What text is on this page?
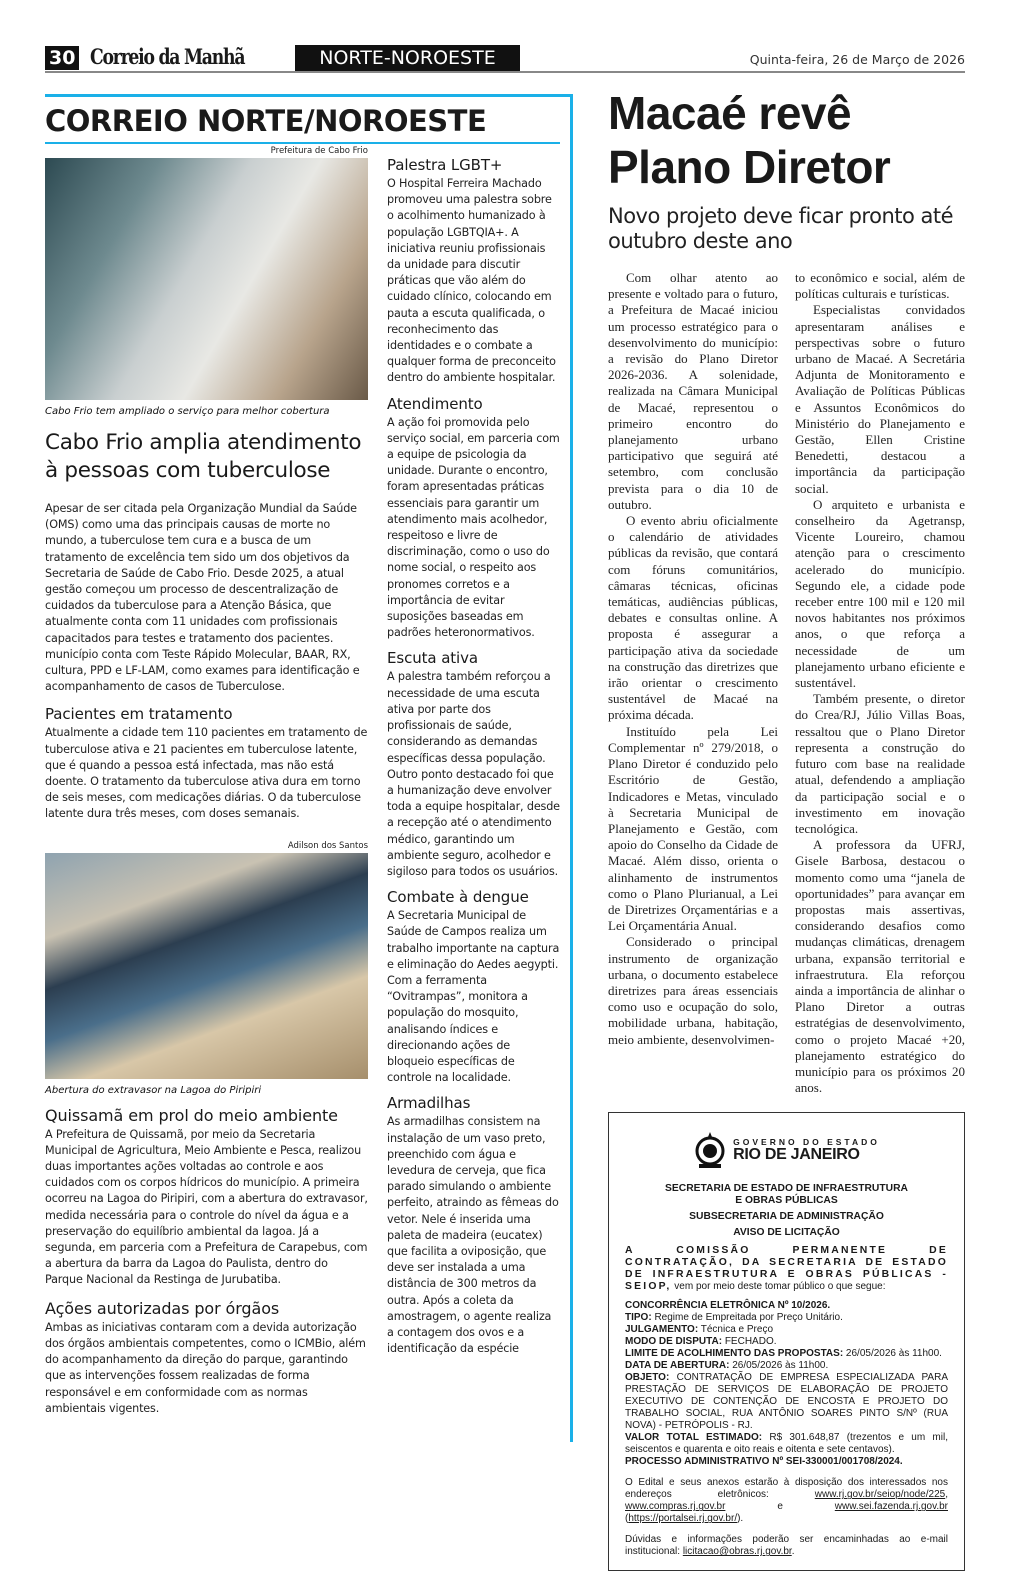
30 Correio da Manhã	NORTE-NOROESTE	Quinta-feira, 26 de Março de 2026
CORREIO NORTE/NOROESTE
Prefeitura de Cabo Frio
Cabo Frio tem ampliado o serviço para melhor cobertura
Cabo Frio amplia atendimento à pessoas com tuberculose

Apesar de ser citada pela Organização Mundial da Saúde (OMS) como uma das principais causas de morte no mundo, a tuberculose tem cura e a busca de um tratamento de excelência tem sido um dos objetivos da Secretaria de Saúde de Cabo Frio. Desde 2025, a atual gestão começou um processo de descentralização de cuidados da tuberculose para a Atenção Básica, que atualmente conta com 11 unidades com profissionais capacitados para testes e tratamento dos pacientes. município conta com Teste Rápido Molecular, BAAR, RX, cultura, PPD e LF-LAM, como exames para identificação e acompanhamento de casos de Tuberculose.

Pacientes em tratamento

Atualmente a cidade tem 110 pacientes em tratamento de tuberculose ativa e 21 pacientes em tuberculose latente, que é quando a pessoa está infectada, mas não está doente. O tratamento da tuberculose ativa dura em torno de seis meses, com medicações diárias. O da tuberculose latente dura três meses, com doses semanais.

Adilson dos Santos
Abertura do extravasor na Lagoa do Piripiri
Quissamã em prol do meio ambiente

A Prefeitura de Quissamã, por meio da Secretaria Municipal de Agricultura, Meio Ambiente e Pesca, realizou duas importantes ações voltadas ao controle e aos cuidados com os corpos hídricos do município. A primeira ocorreu na Lagoa do Piripiri, com a abertura do extravasor, medida necessária para o controle do nível da água e a preservação do equilíbrio ambiental da lagoa. Já a segunda, em parceria com a Prefeitura de Carapebus, com a abertura da barra da Lagoa do Paulista, dentro do Parque Nacional da Restinga de Jurubatiba.

Ações autorizadas por órgãos

Ambas as iniciativas contaram com a devida autorização dos órgãos ambientais competentes, como o ICMBio, além do acompanhamento da direção do parque, garantindo que as intervenções fossem realizadas de forma responsável e em conformidade com as normas ambientais vigentes.

Palestra LGBT+

O Hospital Ferreira Machado promoveu uma palestra sobre o acolhimento humanizado à população LGBTQIA+. A iniciativa reuniu profissionais da unidade para discutir práticas que vão além do cuidado clínico, colocando em pauta a escuta qualificada, o reconhecimento das identidades e o combate a qualquer forma de preconceito dentro do ambiente hospitalar.

Atendimento

A ação foi promovida pelo serviço social, em parceria com a equipe de psicologia da unidade. Durante o encontro, foram apresentadas práticas essenciais para garantir um atendimento mais acolhedor, respeitoso e livre de discriminação, como o uso do nome social, o respeito aos pronomes corretos e a importância de evitar suposições baseadas em padrões heteronormativos.

Escuta ativa

A palestra também reforçou a necessidade de uma escuta ativa por parte dos profissionais de saúde, considerando as demandas específicas dessa população. Outro ponto destacado foi que a humanização deve envolver toda a equipe hospitalar, desde a recepção até o atendimento médico, garantindo um ambiente seguro, acolhedor e sigiloso para todos os usuários.

Combate à dengue

A Secretaria Municipal de Saúde de Campos realiza um trabalho importante na captura e eliminação do Aedes aegypti. Com a ferramenta “Ovitrampas”, monitora a população do mosquito, analisando índices e direcionando ações de bloqueio específicas de controle na localidade.

Armadilhas

As armadilhas consistem na instalação de um vaso preto, preenchido com água e levedura de cerveja, que fica parado simulando o ambiente perfeito, atraindo as fêmeas do vetor. Nele é inserida uma paleta de madeira (eucatex) que facilita a oviposição, que deve ser instalada a uma distância de 300 metros da outra. Após a coleta da amostragem, o agente realiza a contagem dos ovos e a identificação da espécie

Macaé revê Plano Diretor
Novo projeto deve ficar pronto até outubro deste ano

Com olhar atento ao presente e voltado para o futuro, a Prefeitura de Macaé iniciou um processo estratégico para o desenvolvimento do município: a revisão do Plano Diretor 2026-2036. A solenidade, realizada na Câmara Municipal de Macaé, representou o primeiro encontro do planejamento urbano participativo que seguirá até setembro, com conclusão prevista para o dia 10 de outubro.

O evento abriu oficialmente o calendário de atividades públicas da revisão, que contará com fóruns comunitários, câmaras técnicas, oficinas temáticas, audiências públicas, debates e consultas online. A proposta é assegurar a participação ativa da sociedade na construção das diretrizes que irão orientar o crescimento sustentável de Macaé na próxima década.

Instituído pela Lei Complementar nº 279/2018, o Plano Diretor é conduzido pelo Escritório de Gestão, Indicadores e Metas, vinculado à Secretaria Municipal de Planejamento e Gestão, com apoio do Conselho da Cidade de Macaé. Além disso, orienta o alinhamento de instrumentos como o Plano Plurianual, a Lei de Diretrizes Orçamentárias e a Lei Orçamentária Anual.

Considerado o principal instrumento de organização urbana, o documento estabelece diretrizes para áreas essenciais como uso e ocupação do solo, mobilidade urbana, habitação, meio ambiente, desenvolvimen-

to econômico e social, além de políticas culturais e turísticas.

Especialistas convidados apresentaram análises e perspectivas sobre o futuro urbano de Macaé. A Secretária Adjunta de Monitoramento e Avaliação de Políticas Públicas e Assuntos Econômicos do Ministério do Planejamento e Gestão, Ellen Cristine Benedetti, destacou a importância da participação social.

O arquiteto e urbanista e conselheiro da Agetransp, Vicente Loureiro, chamou atenção para o crescimento acelerado do município. Segundo ele, a cidade pode receber entre 100 mil e 120 mil novos habitantes nos próximos anos, o que reforça a necessidade de um planejamento urbano eficiente e sustentável.

Também presente, o diretor do Crea/RJ, Júlio Villas Boas, ressaltou que o Plano Diretor representa a construção do futuro com base na realidade atual, defendendo a ampliação da participação social e o investimento em inovação tecnológica.

A professora da UFRJ, Gisele Barbosa, destacou o momento como uma “janela de oportunidades” para avançar em propostas mais assertivas, considerando desafios como mudanças climáticas, drenagem urbana, expansão territorial e infraestrutura. Ela reforçou ainda a importância de alinhar o Plano Diretor a outras estratégias de desenvolvimento, como o projeto Macaé +20, planejamento estratégico do município para os próximos 20 anos.

GOVERNO DO ESTADO
RIO DE JANEIRO
SECRETARIA DE ESTADO DE INFRAESTRUTURA E OBRAS PÚBLICAS
SUBSECRETARIA DE ADMINISTRAÇÃO
AVISO DE LICITAÇÃO

A COMISSÃO PERMANENTE DE CONTRATAÇÃO, DA SECRETARIA DE ESTADO DE INFRAESTRUTURA E OBRAS PÚBLICAS - SEIOP, vem por meio deste tomar público o que segue:

CONCORRÊNCIA ELETRÔNICA Nº 10/2026.
TIPO: Regime de Empreitada por Preço Unitário.
JULGAMENTO: Técnica e Preço
MODO DE DISPUTA: FECHADO.
LIMITE DE ACOLHIMENTO DAS PROPOSTAS: 26/05/2026 às 11h00.
DATA DE ABERTURA: 26/05/2026 às 11h00.
OBJETO: CONTRATAÇÃO DE EMPRESA ESPECIALIZADA PARA PRESTAÇÃO DE SERVIÇOS DE ELABORAÇÃO DE PROJETO EXECUTIVO DE CONTENÇÃO DE ENCOSTA E PROJETO DO TRABALHO SOCIAL, RUA ANTÔNIO SOARES PINTO S/Nº (RUA NOVA) - PETRÓPOLIS - RJ.
VALOR TOTAL ESTIMADO: R$ 301.648,87 (trezentos e um mil, seiscentos e quarenta e oito reais e oitenta e sete centavos).
PROCESSO ADMINISTRATIVO Nº SEI-330001/001708/2024.

O Edital e seus anexos estarão à disposição dos interessados nos endereços eletrônicos: www.rj.gov.br/seiop/node/225, www.compras.rj.gov.br e www.sei.fazenda.rj.gov.br (https://portalsei.rj.gov.br/).

Dúvidas e informações poderão ser encaminhadas ao e-mail institucional: licitacao@obras.rj.gov.br.
